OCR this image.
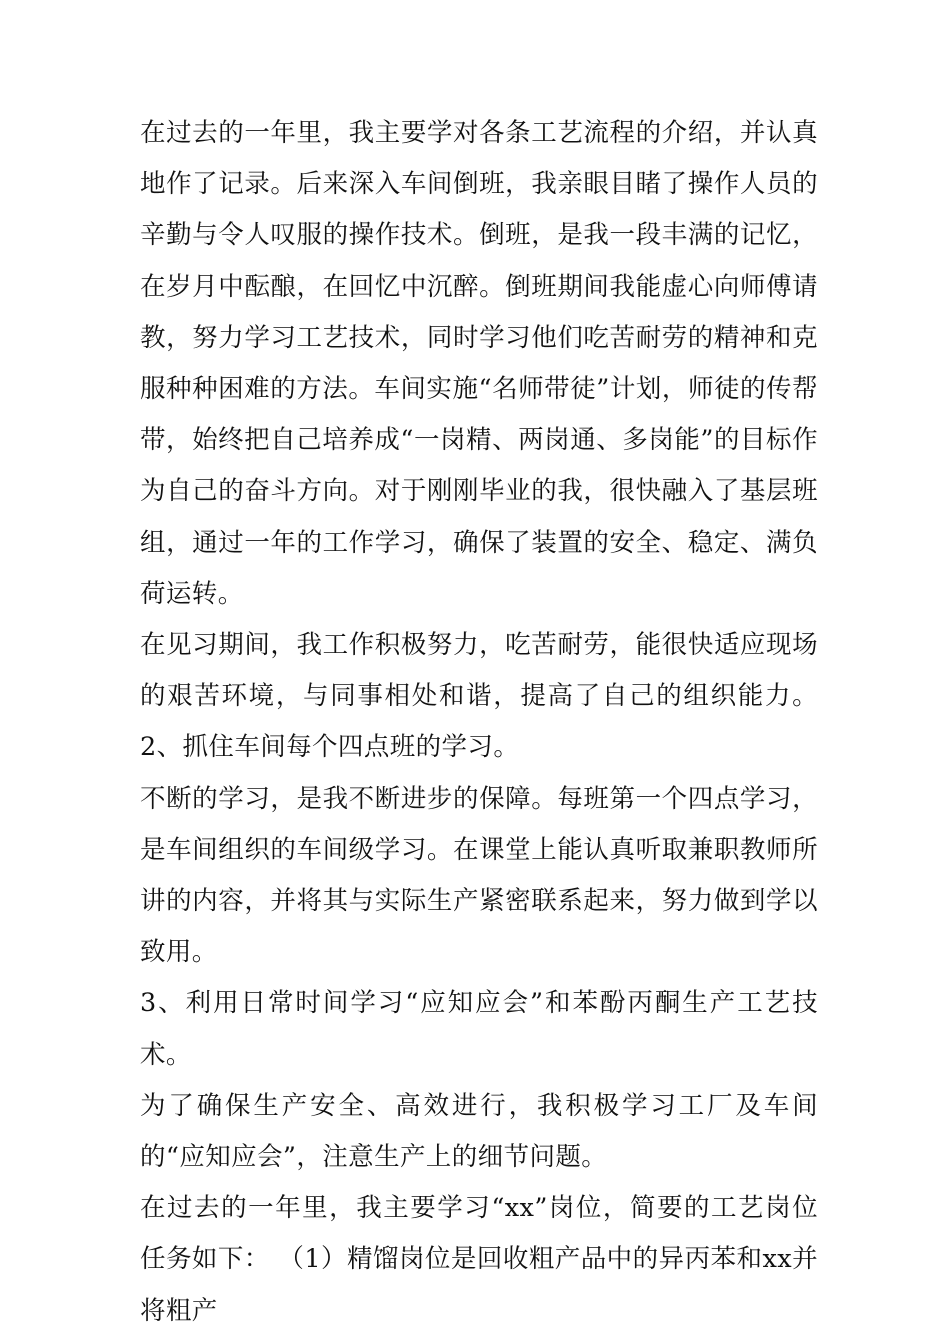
在过去的一年里，我主要学对各条工艺流程的介绍，并认真地作了记录。后来深入车间倒班，我亲眼目睹了操作人员的辛勤与令人叹服的操作技术。倒班，是我一段丰满的记忆，在岁月中酝酿，在回忆中沉醉。倒班期间我能虚心向师傅请教，努力学习工艺技术，同时学习他们吃苦耐劳的精神和克服种种困难的方法。车间实施“名师带徒”计划，师徒的传帮带，始终把自己培养成“一岗精、两岗通、多岗能”的目标作为自己的奋斗方向。对于刚刚毕业的我，很快融入了基层班组，通过一年的工作学习，确保了装置的安全、稳定、满负荷运转。

在见习期间，我工作积极努力，吃苦耐劳，能很快适应现场的艰苦环境，与同事相处和谐，提高了自己的组织能力。 2、抓住车间每个四点班的学习。

不断的学习，是我不断进步的保障。每班第一个四点学习，是车间组织的车间级学习。在课堂上能认真听取兼职教师所讲的内容，并将其与实际生产紧密联系起来，努力做到学以致用。

3、利用日常时间学习“应知应会”和苯酚丙酮生产工艺技术。

为了确保生产安全、高效进行，我积极学习工厂及车间的“应知应会”，注意生产上的细节问题。

在过去的一年里，我主要学习“xx”岗位，简要的工艺岗位任务如下： （1）精馏岗位是回收粗产品中的异丙苯和xx并将粗产
